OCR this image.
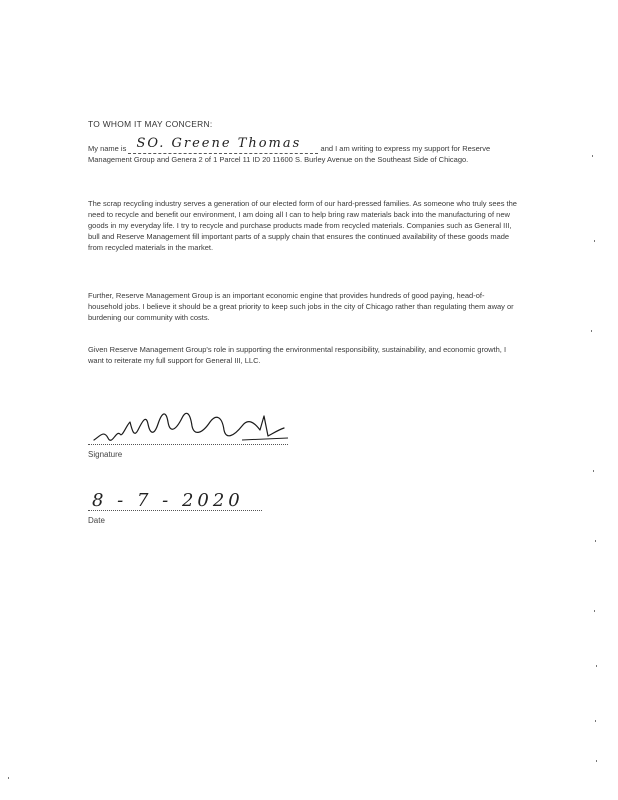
TO WHOM IT MAY CONCERN:
My name is SO. Greene Thomas and I am writing to express my support for Reserve Management Group and Genera 2 of 1 Parcel 11 ID 20 11600 S. Burley Avenue on the Southeast Side of Chicago.
The scrap recycling industry serves a generation of our elected form of our hard-pressed families. As someone who truly sees the need to recycle and benefit our environment, I am doing all I can to help bring raw materials back into the manufacturing of new goods in my everyday life. I try to recycle and purchase products made from recycled materials. Companies such as General III, bull and Reserve Management fill important parts of a supply chain that ensures the continued availability of these goods made from recycled materials in the market.
Further, Reserve Management Group is an important economic engine that provides hundreds of good paying, head-of-household jobs. I believe it should be a great priority to keep such jobs in the city of Chicago rather than regulating them away or burdening our community with costs.
Given Reserve Management Group's role in supporting the environmental responsibility, sustainability, and economic growth, I want to reiterate my full support for General III, LLC.
Signature
8 - 7 - 2020
Date
